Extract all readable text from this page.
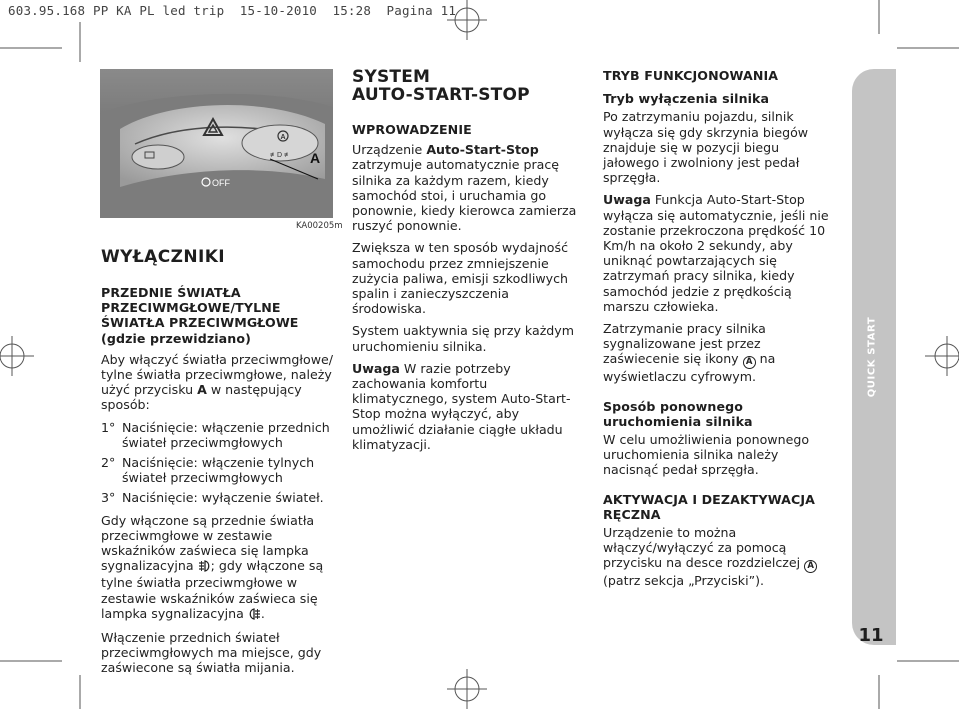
603.95.168 PP KA PL led trip  15-10-2010  15:28  Pagina 11
A
≢D ≢
OFF
A
KA00205m
WYŁĄCZNIKI
PRZEDNIE ŚWIATŁA PRZECIWMGŁOWE/TYLNE ŚWIATŁA PRZECIWMGŁOWE (gdzie przewidziano)

Aby włączyć światła przeciwmgłowe/ tylne światła przeciwmgłowe, należy użyć przycisku A w następujący sposób:

1° Naciśnięcie: włączenie przednich świateł przeciwmgłowych
2° Naciśnięcie: włączenie tylnych świateł przeciwmgłowych
3° Naciśnięcie: wyłączenie świateł.

Gdy włączone są przednie światła przeciwmgłowe w zestawie wskaźników zaświeca się lampka sygnalizacyjna ; gdy włączone są tylne światła przeciwmgłowe w zestawie wskaźników zaświeca się lampka sygnalizacyjna .

Włączenie przednich świateł przeciwmgłowych ma miejsce, gdy zaświecone są światła mijania.

SYSTEM
AUTO-START-STOP
WPROWADZENIE

Urządzenie Auto-Start-Stop zatrzymuje automatycznie pracę silnika za każdym razem, kiedy samochód stoi, i uruchamia go ponownie, kiedy kierowca zamierza ruszyć ponownie.

Zwiększa w ten sposób wydajność samochodu przez zmniejszenie zużycia paliwa, emisji szkodliwych spalin i zanieczyszczenia środowiska.

System uaktywnia się przy każdym uruchomieniu silnika.

Uwaga W razie potrzeby zachowania komfortu klimatycznego, system Auto-Start-Stop można wyłączyć, aby umożliwić działanie ciągłe układu klimatyzacji.

TRYB FUNKCJONOWANIA
Tryb wyłączenia silnika

Po zatrzymaniu pojazdu, silnik wyłącza się gdy skrzynia biegów znajduje się w pozycji biegu jałowego i zwolniony jest pedał sprzęgła.

Uwaga Funkcja Auto-Start-Stop wyłącza się automatycznie, jeśli nie zostanie przekroczona prędkość 10 Km/h na około 2 sekundy, aby uniknąć powtarzających się zatrzymań pracy silnika, kiedy samochód jedzie z prędkością marszu człowieka.

Zatrzymanie pracy silnika sygnalizowane jest przez zaświecenie się ikony A na wyświetlaczu cyfrowym.

Sposób ponownego uruchomienia silnika

W celu umożliwienia ponownego uruchomienia silnika należy nacisnąć pedał sprzęgła.

AKTYWACJA I DEZAKTYWACJA RĘCZNA

Urządzenie to można włączyć/wyłączyć za pomocą przycisku na desce rozdzielczej A (patrz sekcja „Przyciski”).

QUICK START
11
